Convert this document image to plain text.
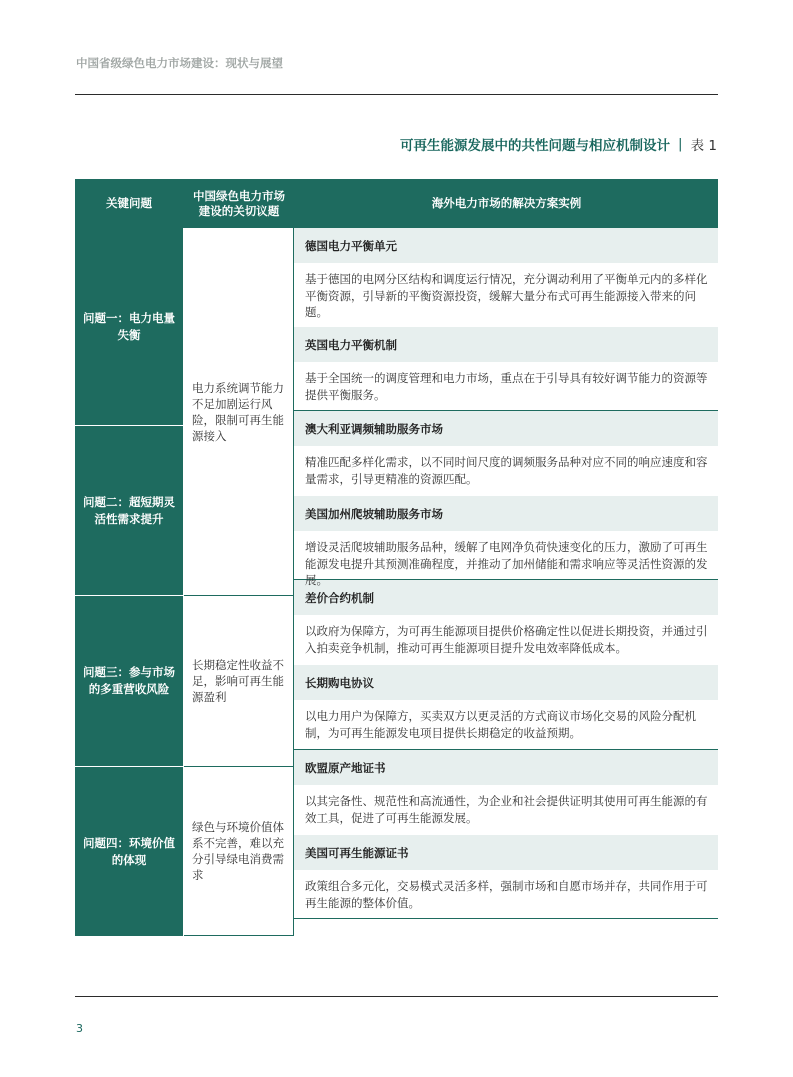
中国省级绿色电力市场建设：现状与展望
可再生能源发展中的共性问题与相应机制设计 | 表 1
关键问题
中国绿色电力市场建设的关切议题
海外电力市场的解决方案实例
问题一：电力电量失衡
问题二：超短期灵活性需求提升
问题三：参与市场的多重营收风险
问题四：环境价值的体现
电力系统调节能力不足加剧运行风险，限制可再生能源接入
长期稳定性收益不足，影响可再生能源盈利
绿色与环境价值体系不完善，难以充分引导绿电消费需求
德国电力平衡单元
基于德国的电网分区结构和调度运行情况，充分调动利用了平衡单元内的多样化平衡资源，引导新的平衡资源投资，缓解大量分布式可再生能源接入带来的问题。
英国电力平衡机制
基于全国统一的调度管理和电力市场，重点在于引导具有较好调节能力的资源等提供平衡服务。
澳大利亚调频辅助服务市场
精准匹配多样化需求，以不同时间尺度的调频服务品种对应不同的响应速度和容量需求，引导更精准的资源匹配。
美国加州爬坡辅助服务市场
增设灵活爬坡辅助服务品种，缓解了电网净负荷快速变化的压力，激励了可再生能源发电提升其预测准确程度，并推动了加州储能和需求响应等灵活性资源的发展。
差价合约机制
以政府为保障方，为可再生能源项目提供价格确定性以促进长期投资，并通过引入拍卖竞争机制，推动可再生能源项目提升发电效率降低成本。
长期购电协议
以电力用户为保障方，买卖双方以更灵活的方式商议市场化交易的风险分配机制，为可再生能源发电项目提供长期稳定的收益预期。
欧盟原产地证书
以其完备性、规范性和高流通性，为企业和社会提供证明其使用可再生能源的有效工具，促进了可再生能源发展。
美国可再生能源证书
政策组合多元化，交易模式灵活多样，强制市场和自愿市场并存，共同作用于可再生能源的整体价值。
3
